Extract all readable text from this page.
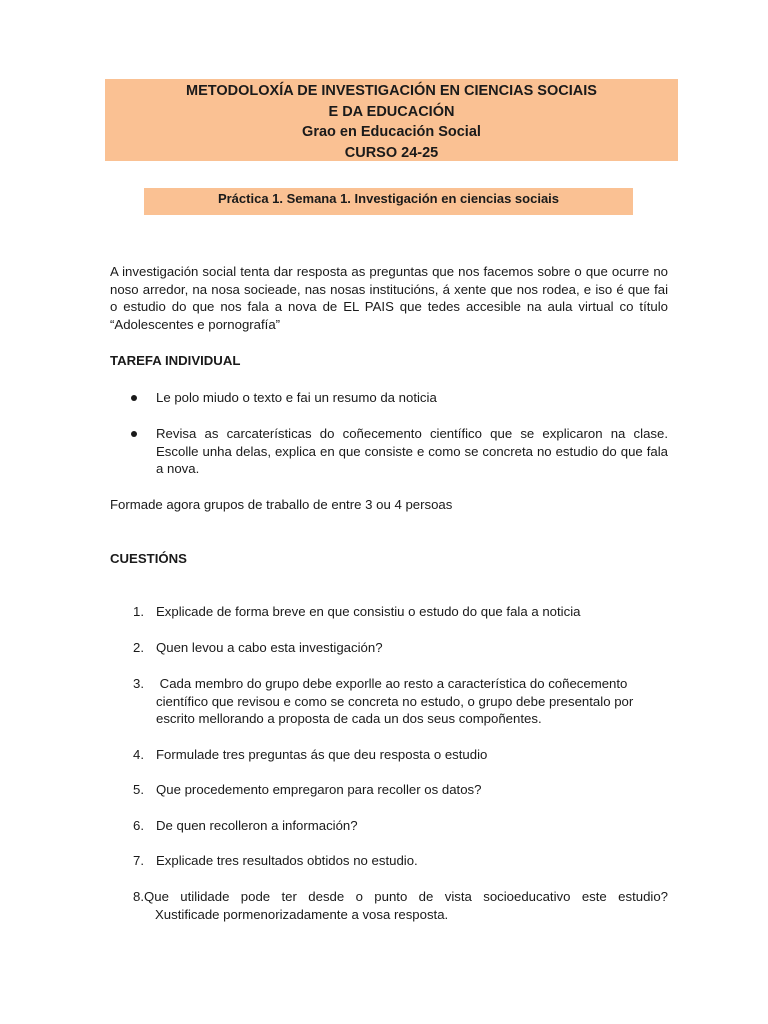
METODOLOXÍA DE INVESTIGACIÓN EN CIENCIAS SOCIAIS
E DA EDUCACIÓN
Grao en Educación Social
CURSO 24-25
Práctica 1. Semana 1. Investigación en ciencias sociais
A investigación social tenta dar resposta as preguntas que nos facemos sobre o que ocurre no noso arredor, na nosa socieade, nas nosas institucións, á xente que nos rodea, e iso é que fai o estudio do que nos fala a nova de EL PAIS que tedes accesible na aula virtual co título “Adolescentes e pornografía”
TAREFA INDIVIDUAL
Le polo miudo o texto e fai un resumo da noticia
Revisa as carcaterísticas do coñecemento científico que se explicaron na clase. Escolle unha delas, explica en que consiste e como se concreta no estudio do que fala a nova.
Formade agora grupos de traballo de entre 3 ou 4 persoas
CUESTIÓNS
1. Explicade de forma breve en que consistiu o estudo do que fala a noticia
2. Quen levou a cabo esta investigación?
3. Cada membro do grupo debe exporlle ao resto a característica do coñecemento científico que revisou e como se concreta no estudo, o grupo debe presentalo por escrito mellorando a proposta de cada un dos seus compoñentes.
4. Formulade tres preguntas ás que deu resposta o estudio
5. Que procedemento empregaron para recoller os datos?
6. De quen recolleron a información?
7. Explicade tres resultados obtidos no estudio.
8.Que utilidade pode ter desde o punto de vista socioeducativo este estudio?
Xustificade pormenorizadamente a vosa resposta.
